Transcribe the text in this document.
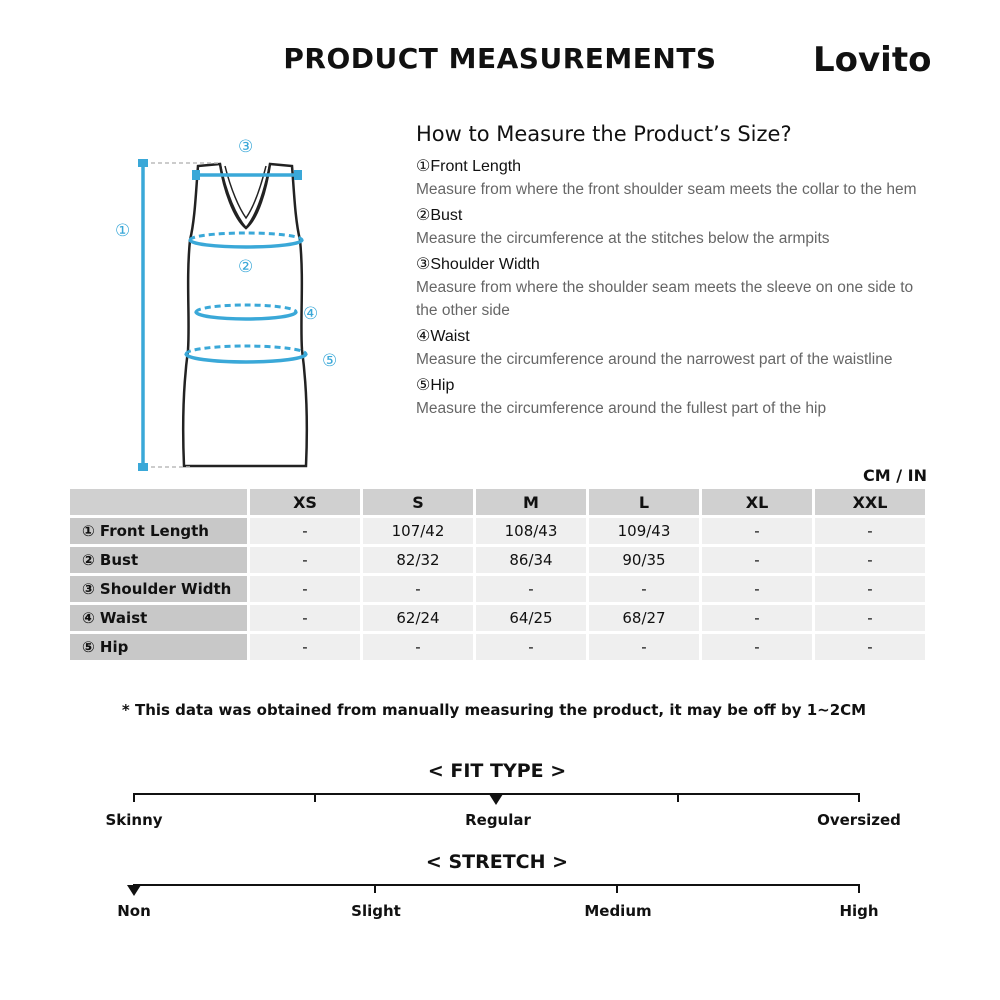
PRODUCT MEASUREMENTS	Lovito
①
②
③
④
⑤
How to Measure the Product’s Size?
①Front Length
Measure from where the front shoulder seam meets the collar to the hem
②Bust
Measure the circumference at the stitches below the armpits
③Shoulder Width
Measure from where the shoulder seam meets the sleeve on one side to the other side
④Waist
Measure the circumference around the narrowest part of the waistline
⑤Hip
Measure the circumference around the fullest part of the hip
CM / IN
	XS	S	M	L	XL	XXL
① Front Length	-	107/42	108/43	109/43	-	-
② Bust	-	82/32	86/34	90/35	-	-
③ Shoulder Width	-	-	-	-	-	-
④ Waist	-	62/24	64/25	68/27	-	-
⑤ Hip	-	-	-	-	-	-
* This data was obtained from manually measuring the product, it may be off by 1~2CM
< FIT TYPE >
Skinny	Regular	Oversized
< STRETCH >
Non	Slight	Medium	High
